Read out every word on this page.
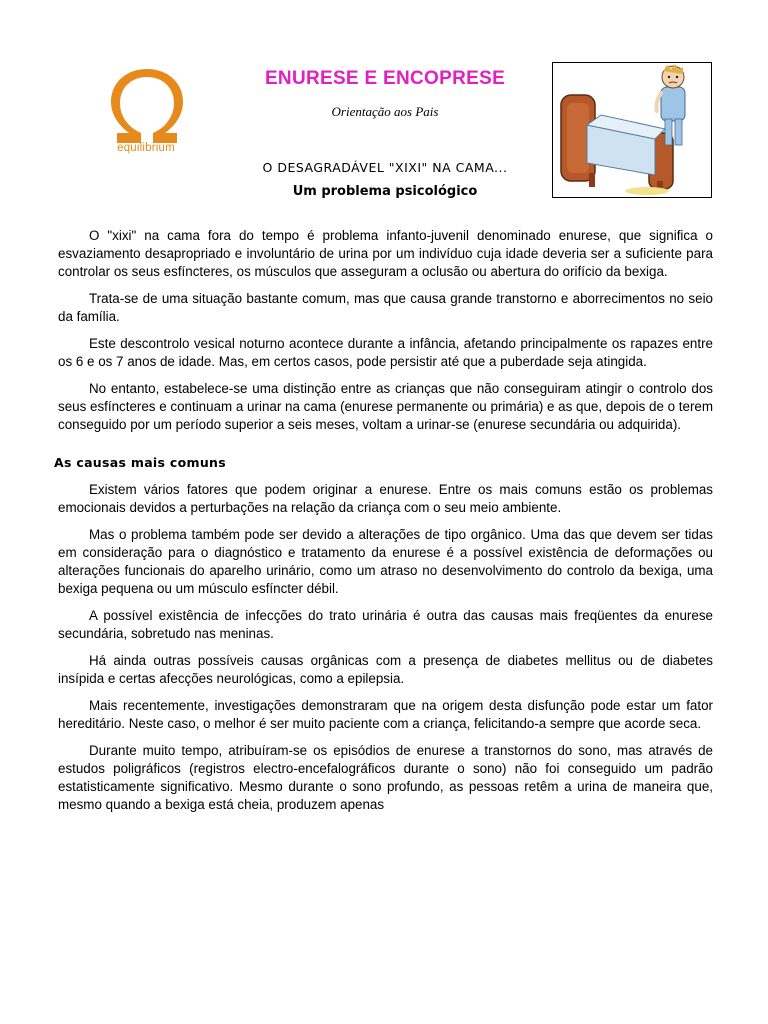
equilibrium
ENURESE E ENCOPRESE
Orientação aos Pais
O DESAGRADÁVEL "XIXI" NA CAMA...
Um problema psicológico

O "xixi" na cama fora do tempo é problema infanto-juvenil denominado enurese, que significa o esvaziamento desapropriado e involuntário de urina por um indivíduo cuja idade deveria ser a suficiente para controlar os seus esfíncteres, os músculos que asseguram a oclusão ou abertura do orifício da bexiga.

Trata-se de uma situação bastante comum, mas que causa grande transtorno e aborrecimentos no seio da família.

Este descontrolo vesical noturno acontece durante a infância, afetando principalmente os rapazes entre os 6 e os 7 anos de idade. Mas, em certos casos, pode persistir até que a puberdade seja atingida.

No entanto, estabelece-se uma distinção entre as crianças que não conseguiram atingir o controlo dos seus esfíncteres e continuam a urinar na cama (enurese permanente ou primária) e as que, depois de o terem conseguido por um período superior a seis meses, voltam a urinar-se (enurese secundária ou adquirida).

As causas mais comuns

Existem vários fatores que podem originar a enurese. Entre os mais comuns estão os problemas emocionais devidos a perturbações na relação da criança com o seu meio ambiente.

Mas o problema também pode ser devido a alterações de tipo orgânico. Uma das que devem ser tidas em consideração para o diagnóstico e tratamento da enurese é a possível existência de deformações ou alterações funcionais do aparelho urinário, como um atraso no desenvolvimento do controlo da bexiga, uma bexiga pequena ou um músculo esfíncter débil.

A possível existência de infecções do trato urinária é outra das causas mais freqüentes da enurese secundária, sobretudo nas meninas.

Há ainda outras possíveis causas orgânicas com a presença de diabetes mellitus ou de diabetes insípida e certas afecções neurológicas, como a epilepsia.

Mais recentemente, investigações demonstraram que na origem desta disfunção pode estar um fator hereditário. Neste caso, o melhor é ser muito paciente com a criança, felicitando-a sempre que acorde seca.

Durante muito tempo, atribuíram-se os episódios de enurese a transtornos do sono, mas através de estudos poligráficos (registros electro-encefalográficos durante o sono) não foi conseguido um padrão estatisticamente significativo. Mesmo durante o sono profundo, as pessoas retêm a urina de maneira que, mesmo quando a bexiga está cheia, produzem apenas
